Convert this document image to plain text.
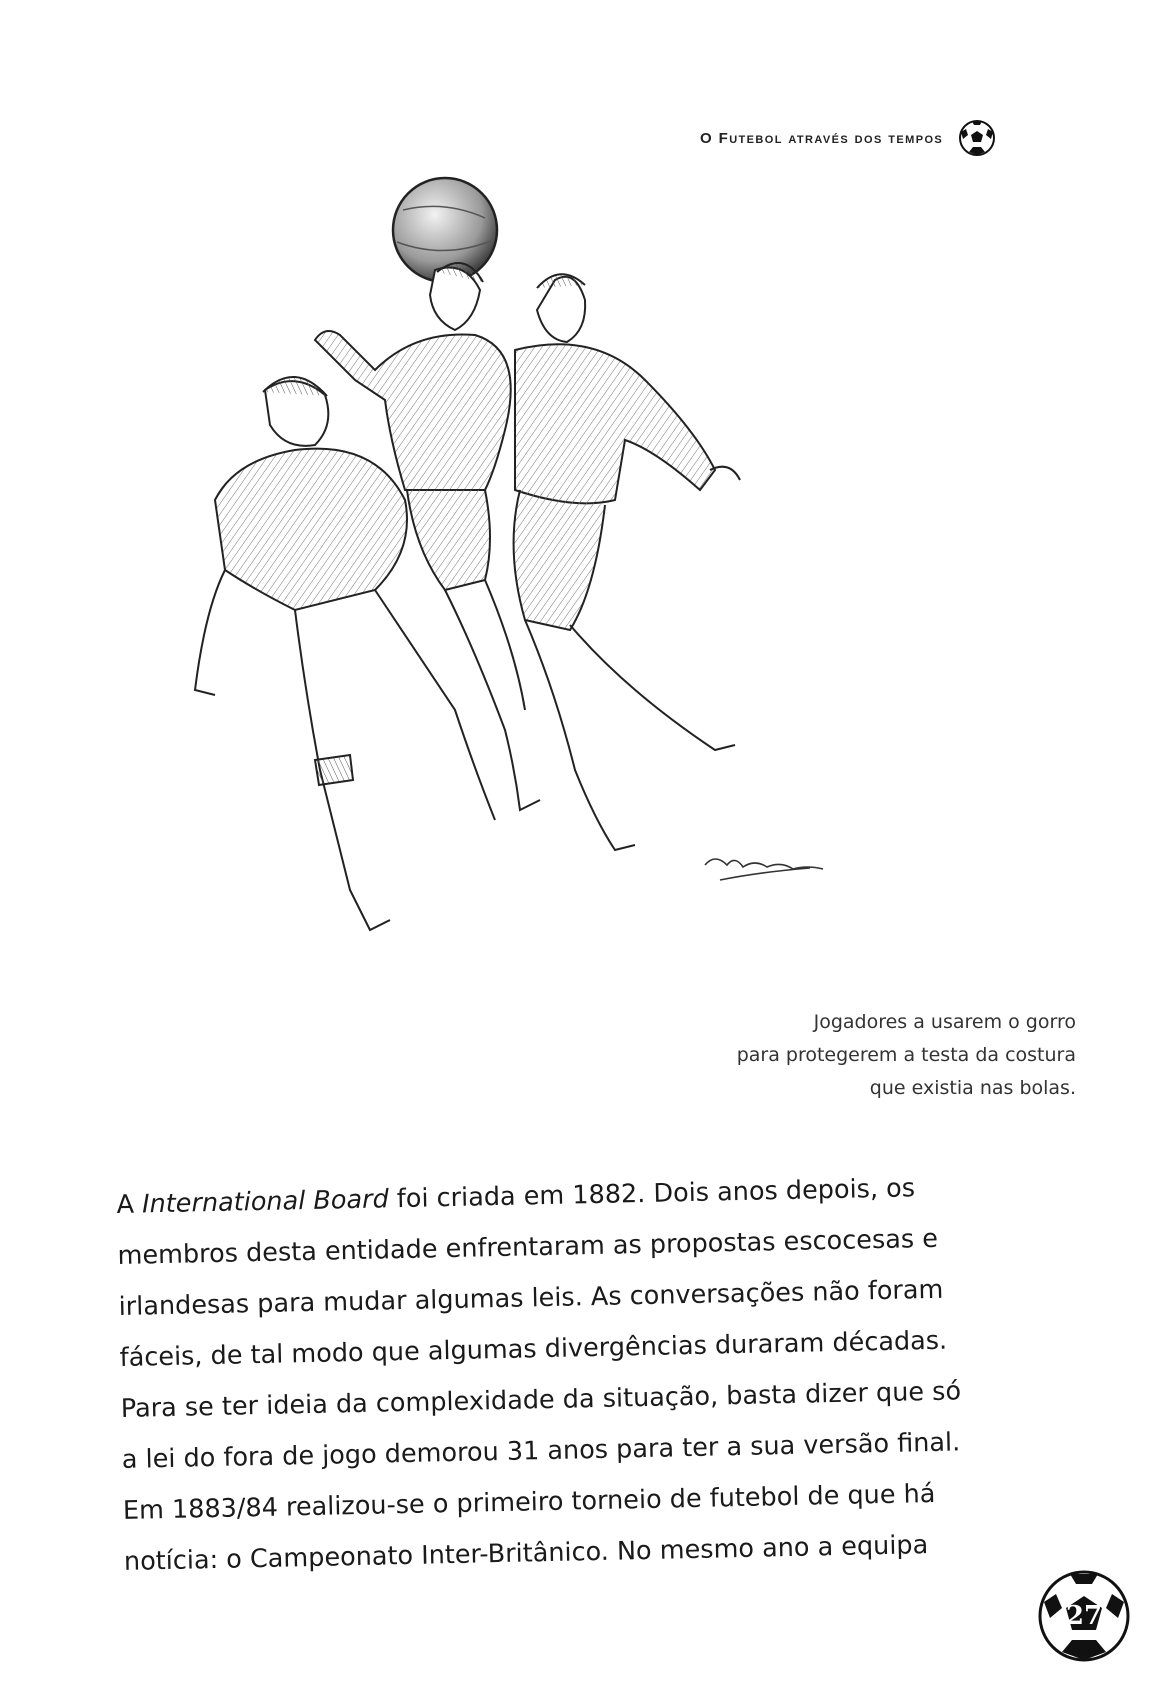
O Futebol através dos tempos
Jogadores a usarem o gorro
para protegerem a testa da costura
que existia nas bolas.
A International Board foi criada em 1882. Dois anos depois, os
membros desta entidade enfrentaram as propostas escocesas e
irlandesas para mudar algumas leis. As conversações não foram
fáceis, de tal modo que algumas divergências duraram décadas.
Para se ter ideia da complexidade da situação, basta dizer que só
a lei do fora de jogo demorou 31 anos para ter a sua versão final.
Em 1883/84 realizou-se o primeiro torneio de futebol de que há
notícia: o Campeonato Inter-Britânico. No mesmo ano a equipa
27
